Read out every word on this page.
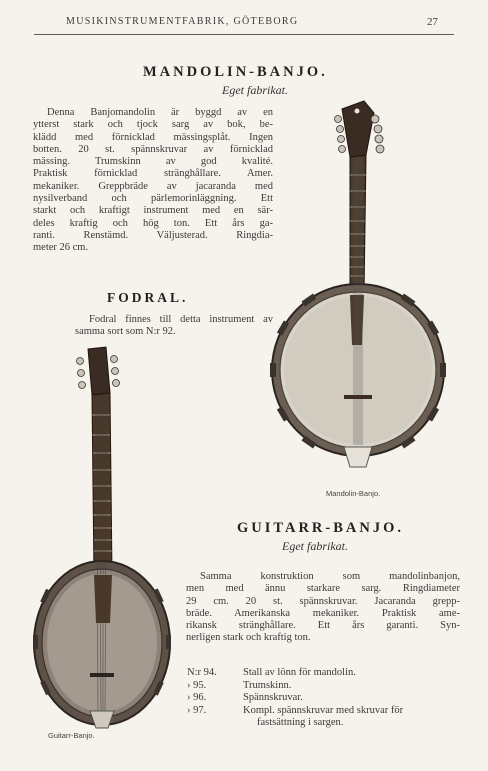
MUSIKINSTRUMENTFABRIK, GÖTEBORG	27
MANDOLIN-BANJO.
Eget fabrikat.
Denna Banjomandolin är byggd av en
ytterst stark och tjock sarg av bok, be-
klädd med förnicklad mässingsplåt. Ingen
botten. 20 st. spännskruvar av förnicklad
mässing. Trumskinn av god kvalité.
Praktisk förnicklad stränghållare. Amer.
mekaniker. Greppbräde av jacaranda med
nysilverband och pärlemorinläggning. Ett
starkt och kraftigt instrument med en sär-
deles kraftig och hög ton. Ett års ga-
ranti. Renstämd. Väljusterad. Ringdia-
meter 26 cm.
FODRAL.
Fodral finnes till detta instrument av
samma sort som N:r 92.
Mandolin-Banjo.
Guitarr-Banjo.
GUITARR-BANJO.
Eget fabrikat.
Samma konstruktion som mandolinbanjon,
men med ännu starkare sarg. Ringdiameter
29 cm. 20 st. spännskruvar. Jacaranda grepp-
bräde. Amerikanska mekaniker. Praktisk ame-
rikansk stränghållare. Ett års garanti. Syn-
nerligen stark och kraftig ton.
N:r 94.	Stall av lönn för mandolin.
› 95.	Trumskinn.
› 96.	Spännskruvar.
› 97.	Kompl. spännskruvar med skruvar för
fastsättning i sargen.
